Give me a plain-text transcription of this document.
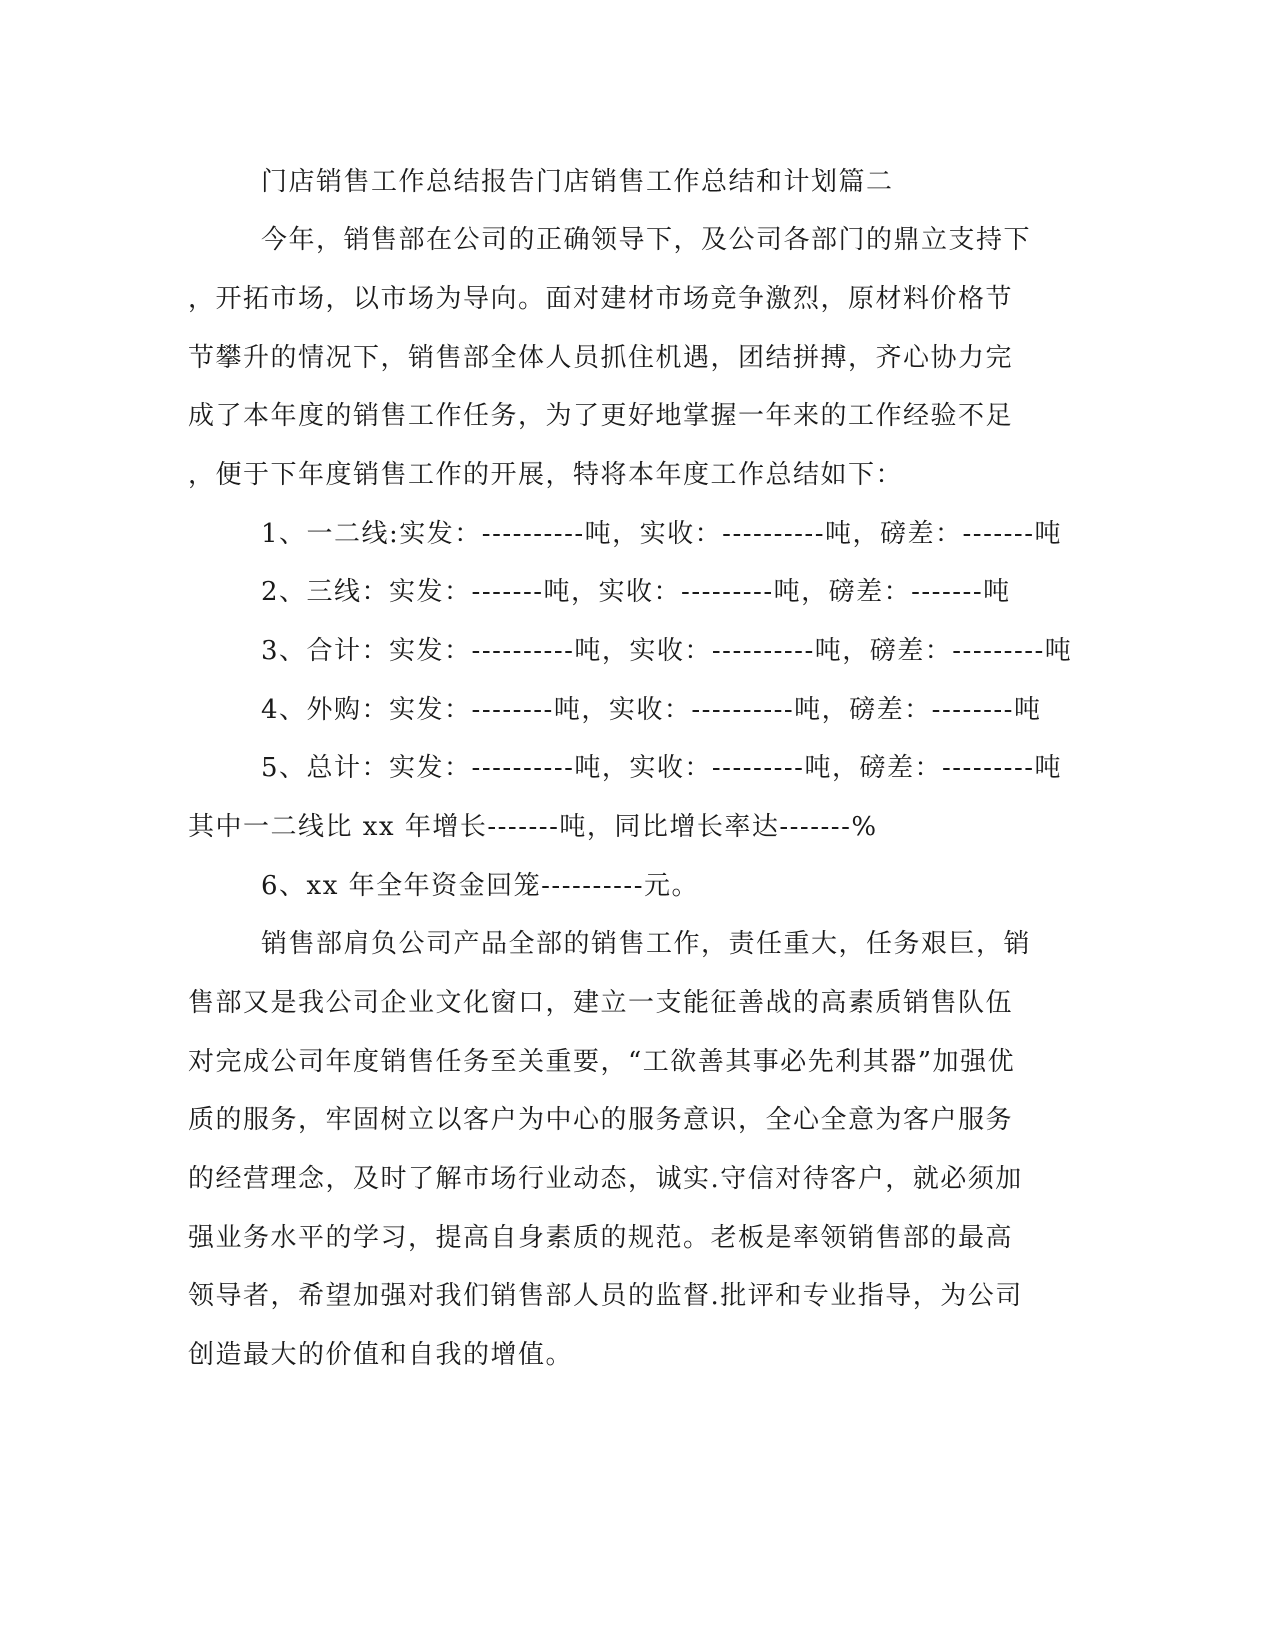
门店销售工作总结报告门店销售工作总结和计划篇二
今年，销售部在公司的正确领导下，及公司各部门的鼎立支持下
，开拓市场，以市场为导向。面对建材市场竞争激烈，原材料价格节
节攀升的情况下，销售部全体人员抓住机遇，团结拼搏，齐心协力完
成了本年度的销售工作任务，为了更好地掌握一年来的工作经验不足
，便于下年度销售工作的开展，特将本年度工作总结如下：
1、一二线:实发：----------吨，实收：----------吨，磅差：-------吨
2、三线：实发：-------吨，实收：---------吨，磅差：-------吨
3、合计：实发：----------吨，实收：----------吨，磅差：---------吨
4、外购：实发：--------吨，实收：----------吨，磅差：--------吨
5、总计：实发：----------吨，实收：---------吨，磅差：---------吨
其中一二线比 xx 年增长-------吨，同比增长率达-------%
6、xx 年全年资金回笼----------元。
销售部肩负公司产品全部的销售工作，责任重大，任务艰巨，销
售部又是我公司企业文化窗口，建立一支能征善战的高素质销售队伍
对完成公司年度销售任务至关重要，“工欲善其事必先利其器”加强优
质的服务，牢固树立以客户为中心的服务意识，全心全意为客户服务
的经营理念，及时了解市场行业动态，诚实.守信对待客户，就必须加
强业务水平的学习，提高自身素质的规范。老板是率领销售部的最高
领导者，希望加强对我们销售部人员的监督.批评和专业指导，为公司
创造最大的价值和自我的增值。
